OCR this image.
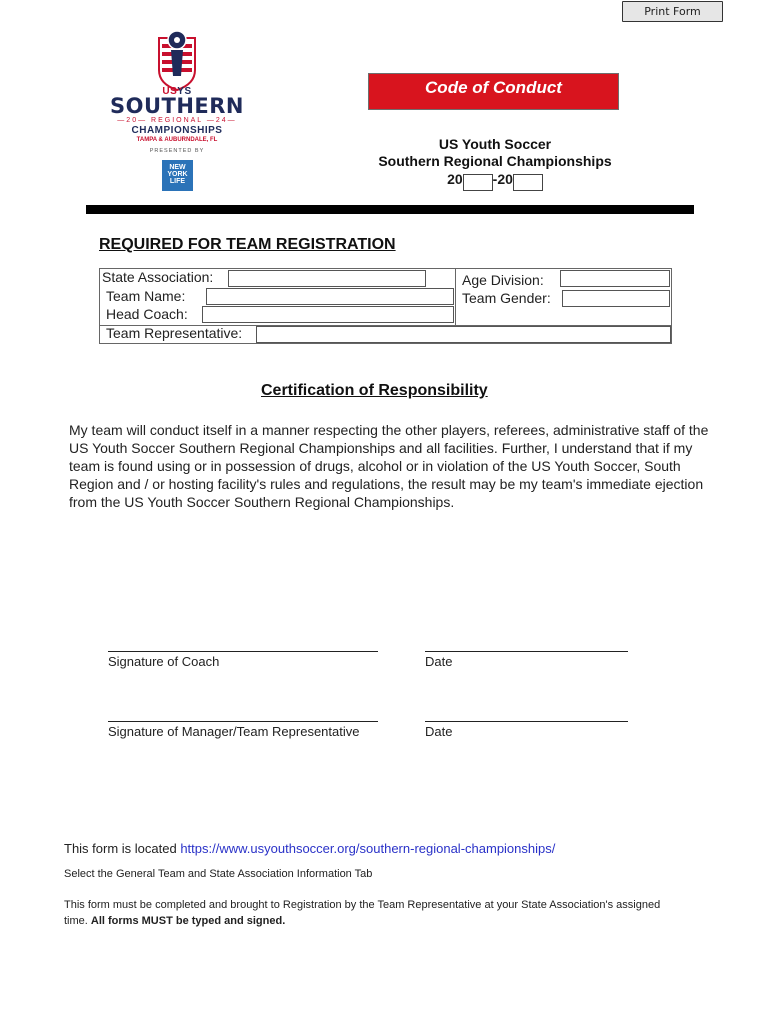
Print Form
USYS
SOUTHERN
—20— REGIONAL —24—
CHAMPIONSHIPS
TAMPA & AUBURNDALE, FL
PRESENTED BY
NEW
YORK
LIFE
Code of Conduct
US Youth Soccer
Southern Regional Championships
20 -20
REQUIRED FOR TEAM REGISTRATION
State Association:
Team Name:
Head Coach:
Team Representative:
Age Division:
Team Gender:
Certification of Responsibility
My team will conduct itself in a manner respecting the other players, referees, administrative staff of the US Youth Soccer Southern Regional Championships and all facilities. Further, I understand that if my team is found using or in possession of drugs, alcohol or in violation of the US Youth Soccer, South Region and / or hosting facility's rules and regulations, the result may be my team's immediate ejection from the US Youth Soccer Southern Regional Championships.
Signature of Coach	Date
Signature of Manager/Team Representative	Date
This form is located https://www.usyouthsoccer.org/southern-regional-championships/
Select the General Team and State Association Information Tab
This form must be completed and brought to Registration by the Team Representative at your State Association's assigned time. All forms MUST be typed and signed.
